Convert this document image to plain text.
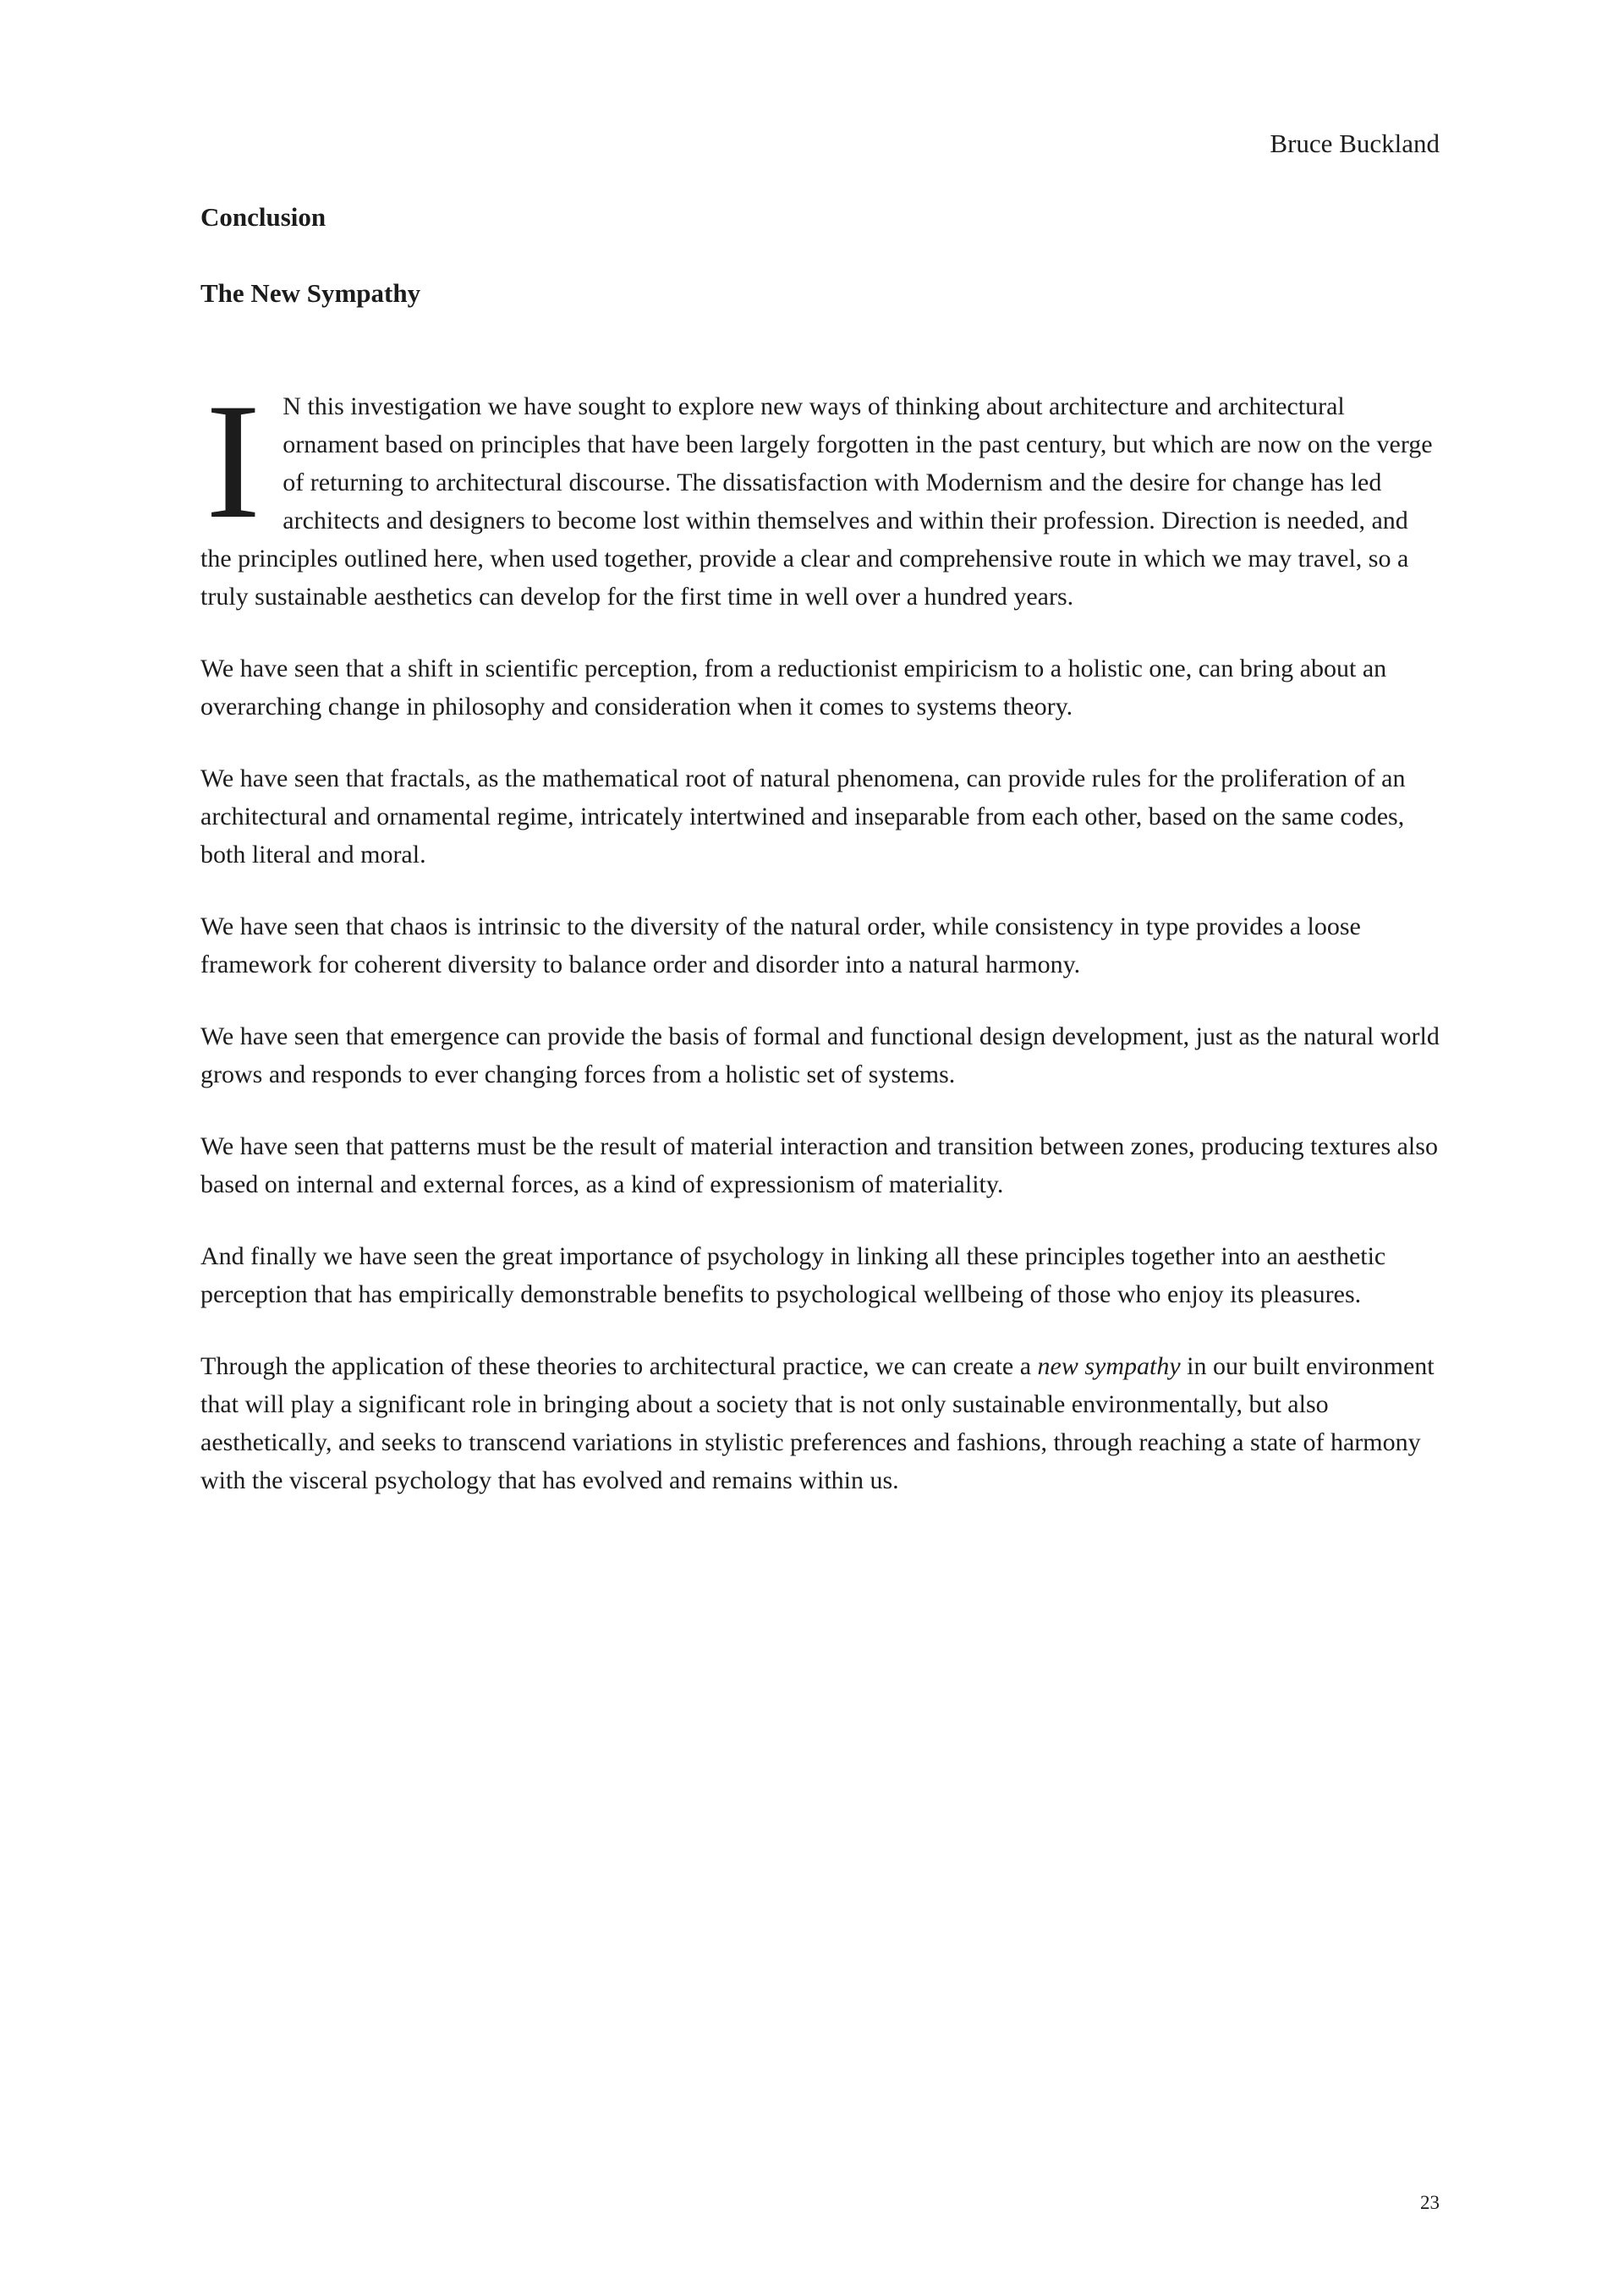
Bruce Buckland
Conclusion
The New Sympathy

I N this investigation we have sought to explore new ways of thinking about architecture and architectural ornament based on principles that have been largely forgotten in the past century, but which are now on the verge of returning to architectural discourse. The dissatisfaction with Modernism and the desire for change has led architects and designers to become lost within themselves and within their profession. Direction is needed, and the principles outlined here, when used together, provide a clear and comprehensive route in which we may travel, so a truly sustainable aesthetics can develop for the first time in well over a hundred years.

We have seen that a shift in scientific perception, from a reductionist empiricism to a holistic one, can bring about an overarching change in philosophy and consideration when it comes to systems theory.

We have seen that fractals, as the mathematical root of natural phenomena, can provide rules for the proliferation of an architectural and ornamental regime, intricately intertwined and inseparable from each other, based on the same codes, both literal and moral.

We have seen that chaos is intrinsic to the diversity of the natural order, while consistency in type provides a loose framework for coherent diversity to balance order and disorder into a natural harmony.

We have seen that emergence can provide the basis of formal and functional design development, just as the natural world grows and responds to ever changing forces from a holistic set of systems.

We have seen that patterns must be the result of material interaction and transition between zones, producing textures also based on internal and external forces, as a kind of expressionism of materiality.

And finally we have seen the great importance of psychology in linking all these principles together into an aesthetic perception that has empirically demonstrable benefits to psychological wellbeing of those who enjoy its pleasures.

Through the application of these theories to architectural practice, we can create a new sympathy in our built environment that will play a significant role in bringing about a society that is not only sustainable environmentally, but also aesthetically, and seeks to transcend variations in stylistic preferences and fashions, through reaching a state of harmony with the visceral psychology that has evolved and remains within us.

23
